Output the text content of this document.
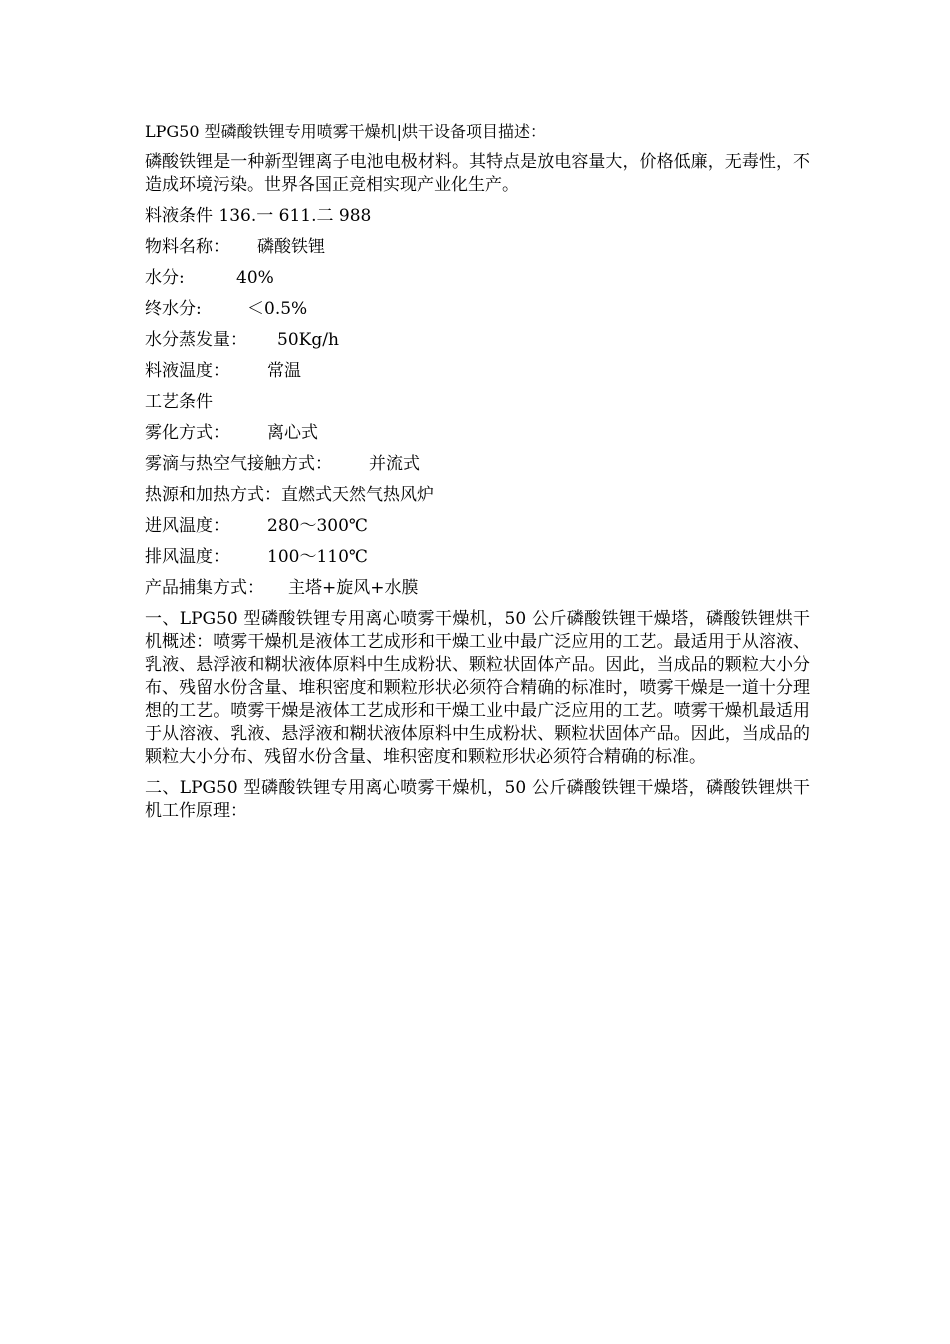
LPG50 型磷酸铁锂专用喷雾干燥机|烘干设备项目描述：

磷酸铁锂是一种新型锂离子电池电极材料。其特点是放电容量大，价格低廉，无毒性，不造成环境污染。世界各国正竞相实现产业化生产。

料液条件 136.一 611.二 988

物料名称：	磷酸铁锂
水分:	40%
终水分:	＜0.5%
水分蒸发量：	50Kg/h
料液温度：	常温

工艺条件

雾化方式：	离心式
雾滴与热空气接触方式：	并流式
热源和加热方式： 直燃式天然气热风炉
进风温度：	280～300℃
排风温度：	100～110℃
产品捕集方式：	主塔+旋风+水膜

一、LPG50 型磷酸铁锂专用离心喷雾干燥机，50 公斤磷酸铁锂干燥塔，磷酸铁锂烘干机概述：喷雾干燥机是液体工艺成形和干燥工业中最广泛应用的工艺。最适用于从溶液、乳液、悬浮液和糊状液体原料中生成粉状、颗粒状固体产品。因此，当成品的颗粒大小分布、残留水份含量、堆积密度和颗粒形状必须符合精确的标准时，喷雾干燥是一道十分理想的工艺。喷雾干燥是液体工艺成形和干燥工业中最广泛应用的工艺。喷雾干燥机最适用于从溶液、乳液、悬浮液和糊状液体原料中生成粉状、颗粒状固体产品。因此，当成品的颗粒大小分布、残留水份含量、堆积密度和颗粒形状必须符合精确的标准。

二、LPG50 型磷酸铁锂专用离心喷雾干燥机，50 公斤磷酸铁锂干燥塔，磷酸铁锂烘干机工作原理：
